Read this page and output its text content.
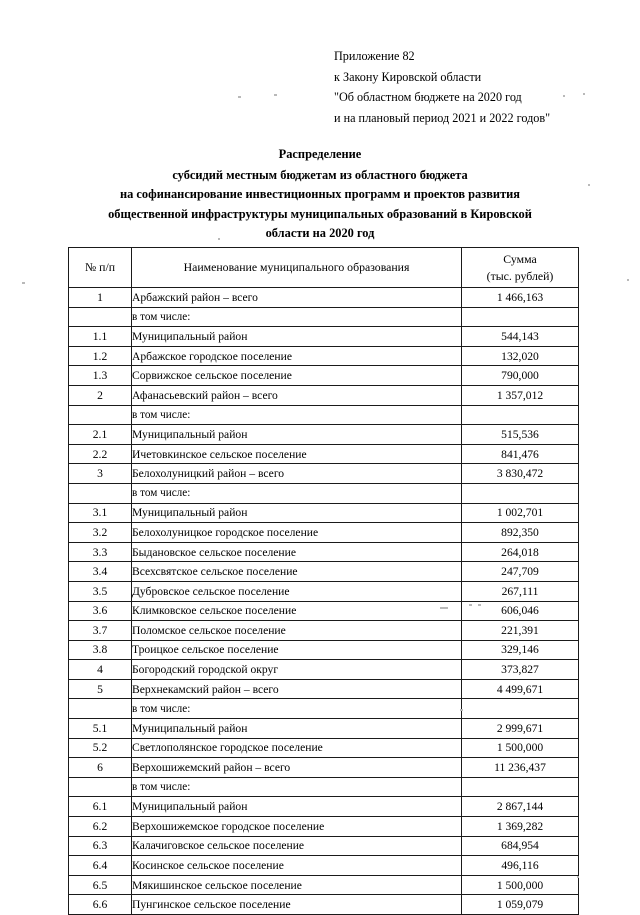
Приложение 82
к Закону Кировской области
"Об областном бюджете на 2020 год
и на плановый период 2021 и 2022 годов"
Распределение
субсидий местным бюджетам из областного бюджета
на софинансирование инвестиционных программ и проектов развития
общественной инфраструктуры муниципальных образований в Кировской
области на 2020 год
№ п/п	Наименование муниципального образования	Сумма
(тыс. рублей)

1	Арбажский район – всего	1 466,163
	в том числе:	
1.1	Муниципальный район	544,143
1.2	Арбажское городское поселение	132,020
1.3	Сорвижское сельское поселение	790,000
2	Афанасьевский район – всего	1 357,012
	в том числе:	
2.1	Муниципальный район	515,536
2.2	Ичетовкинское сельское поселение	841,476
3	Белохолуницкий район – всего	3 830,472
	в том числе:	
3.1	Муниципальный район	1 002,701
3.2	Белохолуницкое городское поселение	892,350
3.3	Быдановское сельское поселение	264,018
3.4	Всехсвятское сельское поселение	247,709
3.5	Дубровское сельское поселение	267,111
3.6	Климковское сельское поселение	606,046
3.7	Поломское сельское поселение	221,391
3.8	Троицкое сельское поселение	329,146
4	Богородский городской округ	373,827
5	Верхнекамский район – всего	4 499,671
	в том числе:	
5.1	Муниципальный район	2 999,671
5.2	Светлополянское городское поселение	1 500,000
6	Верхошижемский район – всего	11 236,437
	в том числе:	
6.1	Муниципальный район	2 867,144
6.2	Верхошижемское городское поселение	1 369,282
6.3	Калачиговское сельское поселение	684,954
6.4	Косинское сельское поселение	496,116
6.5	Мякишинское сельское поселение	1 500,000
6.6	Пунгинское сельское поселение	1 059,079
